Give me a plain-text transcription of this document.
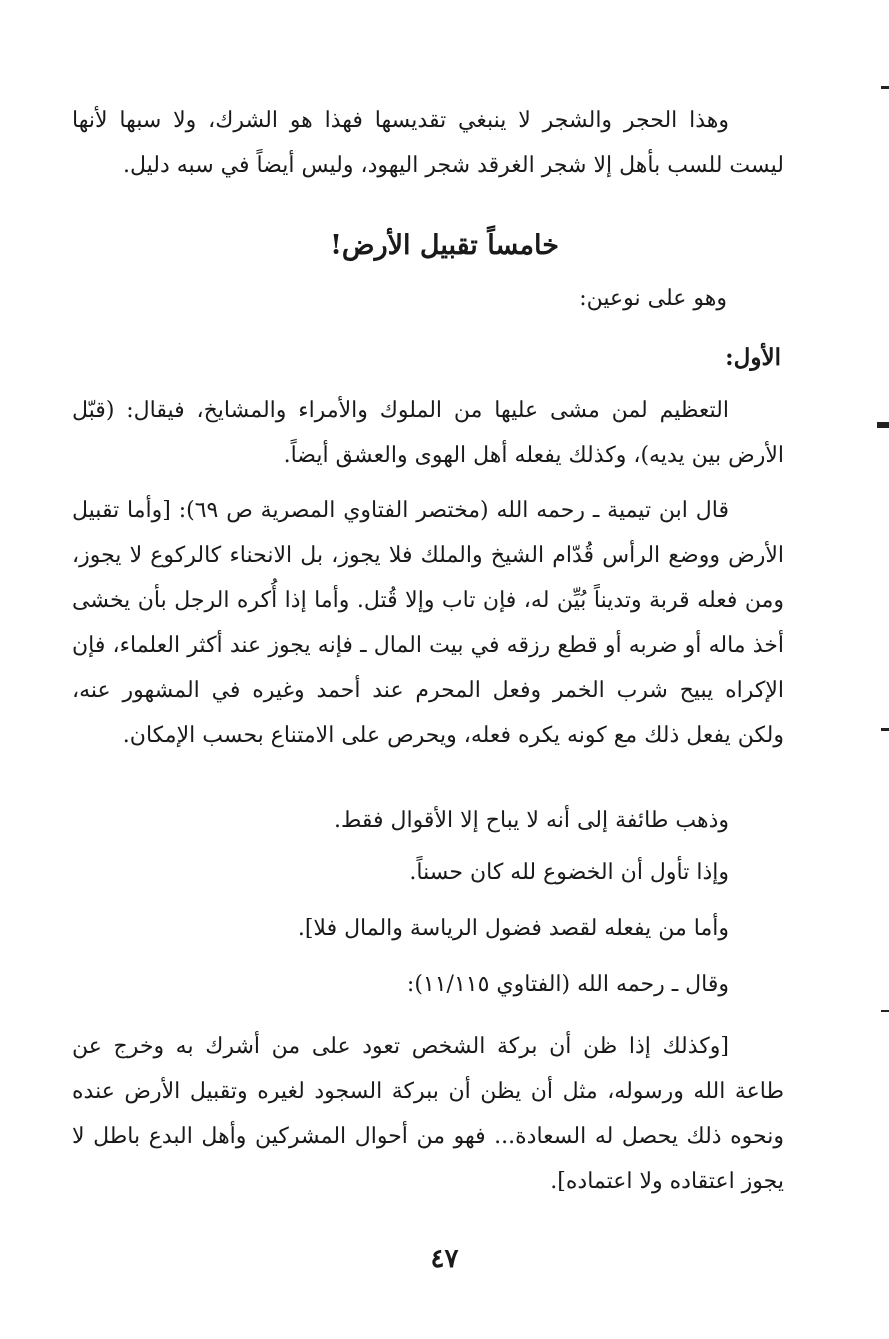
وهذا الحجر والشجر لا ينبغي تقديسها فهذا هو الشرك، ولا سبها لأنها ليست للسب بأهل إلا شجر الغرقد شجر اليهود، وليس أيضاً في سبه دليل.
خامساً تقبيل الأرض!
وهو على نوعين:
الأول:
التعظيم لمن مشى عليها من الملوك والأمراء والمشايخ، فيقال: (قبّل الأرض بين يديه)، وكذلك يفعله أهل الهوى والعشق أيضاً.
قال ابن تيمية ـ رحمه الله (مختصر الفتاوي المصرية ص ٦٩): [وأما تقبيل الأرض ووضع الرأس قُدّام الشيخ والملك فلا يجوز، بل الانحناء كالركوع لا يجوز، ومن فعله قربة وتديناً بُيِّن له، فإن تاب وإلا قُتل. وأما إذا أُكره الرجل بأن يخشى أخذ ماله أو ضربه أو قطع رزقه في بيت المال ـ فإنه يجوز عند أكثر العلماء، فإن الإكراه يبيح شرب الخمر وفعل المحرم عند أحمد وغيره في المشهور عنه، ولكن يفعل ذلك مع كونه يكره فعله، ويحرص على الامتناع بحسب الإمكان.
وذهب طائفة إلى أنه لا يباح إلا الأقوال فقط.
وإذا تأول أن الخضوع لله كان حسناً.
وأما من يفعله لقصد فضول الرياسة والمال فلا].
وقال ـ رحمه الله (الفتاوي ١١/١١٥):
[وكذلك إذا ظن أن بركة الشخص تعود على من أشرك به وخرج عن طاعة الله ورسوله، مثل أن يظن أن ببركة السجود لغيره وتقبيل الأرض عنده ونحوه ذلك يحصل له السعادة... فهو من أحوال المشركين وأهل البدع باطل لا يجوز اعتقاده ولا اعتماده].
٤٧
